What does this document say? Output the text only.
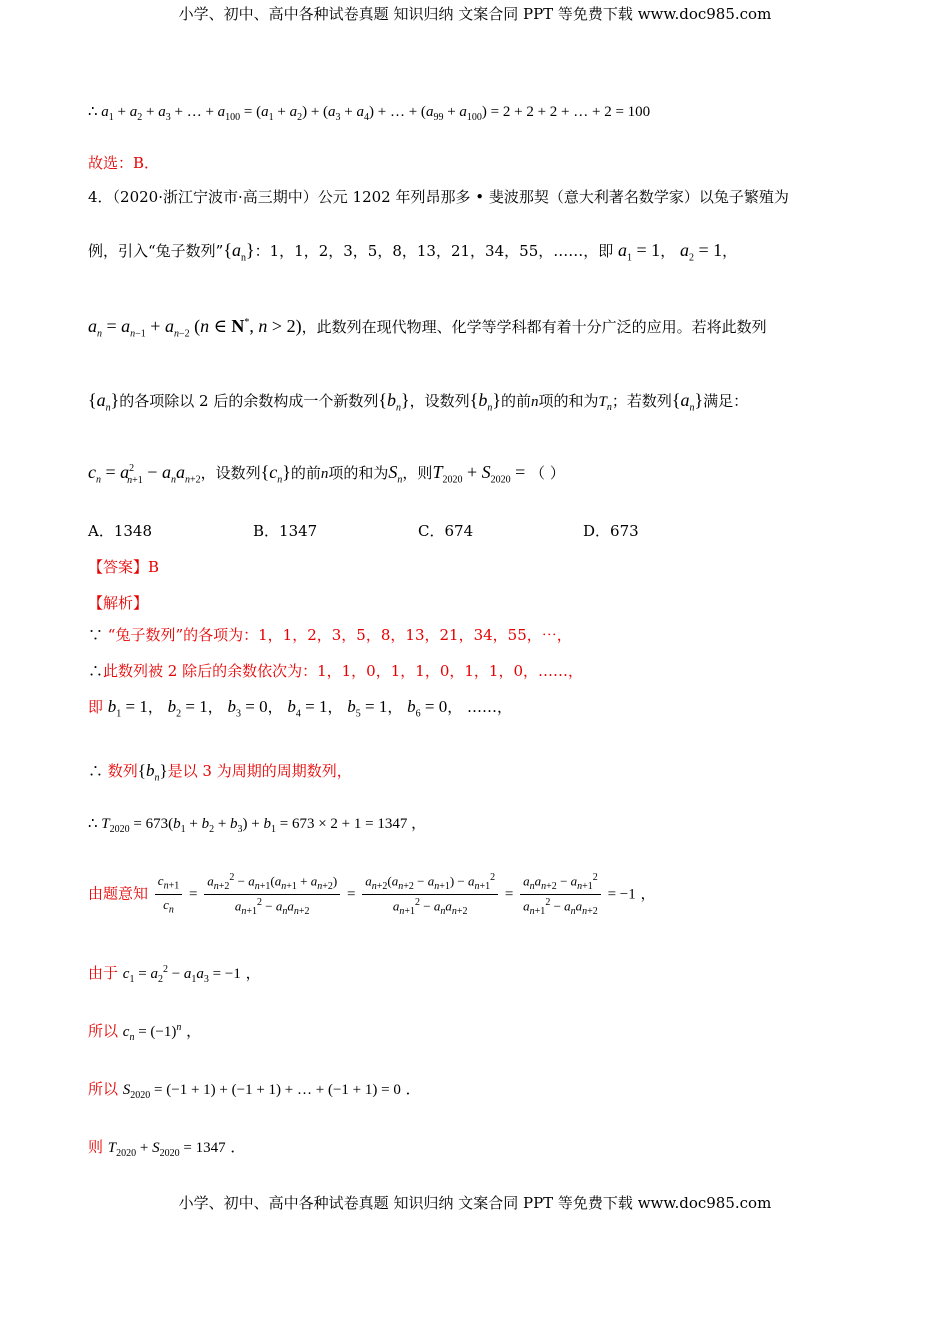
小学、初中、高中各种试卷真题 知识归纳 文案合同 PPT 等免费下载 www.doc985.com
∴ $a_1 + a_2 + a_3$ + … + $a_{100} = (a_1 + a_2) + (a_3 + a_4)$ + … + $(a_{99} + a_{100}) = 2 + 2 + 2$ + … + 2 = 100
故选：B．
4．（2020·浙江宁波市·高三期中）公元 1202 年列昂那多 • 斐波那契（意大利著名数学家）以兔子繁殖为
例，引入“兔子数列$”\{a_n\}$：1，1，2，3，5，8，13，21，34，55，……，即 $a_1 = 1$， $a_2 = 1$，
$a_n = a_{n-1} + a_{n-2}$ (n ∈ N*, n > 2)，此数列在现代物理、化学等学科都有着十分广泛的应用。若将此数列
$\{a_n\}$的各项除以 2 后的余数构成一个新数列$\{b_n\}$，设数列$\{b_n\}$的前n项的和为$T_n$；若数列$\{a_n\}$满足：
$c_n = a^2_{n+1} - a_na_{n+2}$，设数列$\{c_n\}$的前n项的和为$S_n$，则$T_{2020} + S_{2020}$ = （ ）
A．1348	B．1347	C．674	D．673
【答案】B
【解析】
∵ “兔子数列”的各项为：1，1，2，3，5，8，13，21，34，55，⋯，
∴此数列被 2 除后的余数依次为：1，1，0，1，1，0，1，1，0，……，
即 $b_1 = 1$， $b_2 = 1$， $b_3 = 0$， $b_4 = 1$， $b_5 = 1$， $b_6 = 0$， ……，
∴ 数列$\{b_n\}$是以 3 为周期的周期数列，
∴ $T_{2020} = 673(b_1 + b_2 + b_3) + b_1 = 673 \times 2 + 1 = 1347$ ，
由题意知 $\frac{c_{n+1}}{c_n} = \frac{a_{n+2}^2 - a_{n+1}(a_{n+1} + a_{n+2})}{a_{n+1}^2 - a_na_{n+2}} = \frac{a_{n+2}(a_{n+2} - a_{n+1}) - a_{n+1}^2}{a_{n+1}^2 - a_na_{n+2}} = \frac{a_na_{n+2} - a_{n+1}^2}{a_{n+1}^2 - a_na_{n+2}} = -1$ ，
由于 $c_1 = a_2^2 - a_1a_3 = -1$ ，
所以 $c_n = (-1)^n$ ，
所以 $S_{2020} = (-1 + 1) + (-1 + 1)$ + … + (−1 + 1) = 0 ．
则 $T_{2020} + S_{2020} = 1347$ ．
小学、初中、高中各种试卷真题 知识归纳 文案合同 PPT 等免费下载 www.doc985.com
